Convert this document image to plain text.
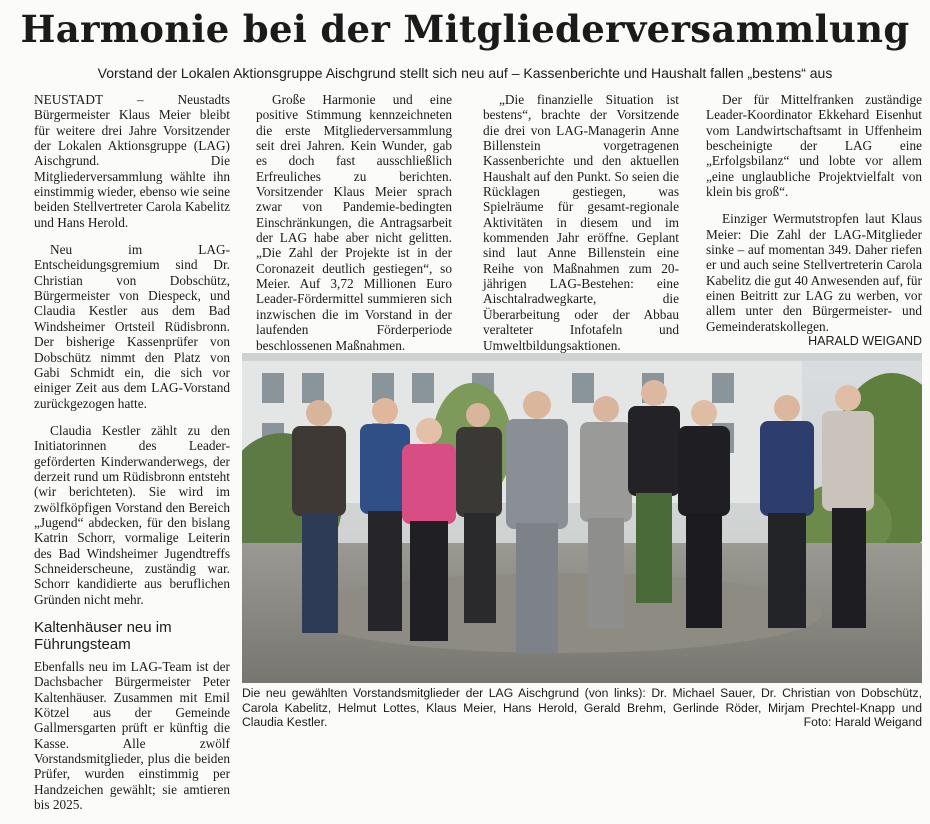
Harmonie bei der Mitgliederversammlung
Vorstand der Lokalen Aktionsgruppe Aischgrund stellt sich neu auf – Kassenberichte und Haushalt fallen „bestens“ aus

NEUSTADT – Neustadts Bürgermeister Klaus Meier bleibt für weitere drei Jahre Vorsitzender der Lokalen Aktionsgruppe (LAG) Aischgrund. Die Mitgliederversammlung wählte ihn einstimmig wieder, ebenso wie seine beiden Stellvertreter Carola Kabelitz und Hans Herold.

Neu im LAG-Entscheidungsgremium sind Dr. Christian von Dobschütz, Bürgermeister von Diespeck, und Claudia Kestler aus dem Bad Windsheimer Ortsteil Rüdisbronn. Der bisherige Kassenprüfer von Dobschütz nimmt den Platz von Gabi Schmidt ein, die sich vor einiger Zeit aus dem LAG-Vorstand zurückgezogen hatte.

Claudia Kestler zählt zu den Initiatorinnen des Leader-geförderten Kinderwanderwegs, der derzeit rund um Rüdisbronn entsteht (wir berichteten). Sie wird im zwölfköpfigen Vorstand den Bereich „Jugend“ abdecken, für den bislang Katrin Schorr, vormalige Leiterin des Bad Windsheimer Jugendtreffs Schneiderscheune, zuständig war. Schorr kandidierte aus beruflichen Gründen nicht mehr.

Kaltenhäuser neu im Führungsteam

Ebenfalls neu im LAG-Team ist der Dachsbacher Bürgermeister Peter Kaltenhäuser. Zusammen mit Emil Kötzel aus der Gemeinde Gallmersgarten prüft er künftig die Kasse. Alle zwölf Vorstandsmitglieder, plus die beiden Prüfer, wurden einstimmig per Handzeichen gewählt; sie amtieren bis 2025.

Große Harmonie und eine positive Stimmung kennzeichneten die erste Mitgliederversammlung seit drei Jahren. Kein Wunder, gab es doch fast ausschließlich Erfreuliches zu berichten. Vorsitzender Klaus Meier sprach zwar von Pandemie-bedingten Einschränkungen, die Antragsarbeit der LAG habe aber nicht gelitten. „Die Zahl der Projekte ist in der Coronazeit deutlich gestiegen“, so Meier. Auf 3,72 Millionen Euro Leader-Fördermittel summieren sich inzwischen die im Vorstand in der laufenden Förderperiode beschlossenen Maßnahmen.

„Die finanzielle Situation ist bestens“, brachte der Vorsitzende die drei von LAG-Managerin Anne Billenstein vorgetragenen Kassenberichte und den aktuellen Haushalt auf den Punkt. So seien die Rücklagen gestiegen, was Spielräume für gesamt-regionale Aktivitäten in diesem und im kommenden Jahr eröffne. Geplant sind laut Anne Billenstein eine Reihe von Maßnahmen zum 20-jährigen LAG-Bestehen: eine Aischtalradwegkarte, die Überarbeitung oder der Abbau veralteter Infotafeln und Umweltbildungsaktionen.

Der für Mittelfranken zuständige Leader-Koordinator Ekkehard Eisenhut vom Landwirtschaftsamt in Uffenheim bescheinigte der LAG eine „Erfolgsbilanz“ und lobte vor allem „eine unglaubliche Projektvielfalt von klein bis groß“.

Einziger Wermutstropfen laut Klaus Meier: Die Zahl der LAG-Mitglieder sinke – auf momentan 349. Daher riefen er und auch seine Stellvertreterin Carola Kabelitz die gut 40 Anwesenden auf, für einen Beitritt zur LAG zu werben, vor allem unter den Bürgermeister- und Gemeinderatskollegen.
HARALD WEIGAND

Die neu gewählten Vorstandsmitglieder der LAG Aischgrund (von links): Dr. Michael Sauer, Dr. Christian von Dobschütz, Carola Kabelitz, Helmut Lottes, Klaus Meier, Hans Herold, Gerald Brehm, Gerlinde Röder, Mirjam Prechtel-Knapp und Claudia Kestler.	Foto: Harald Weigand
